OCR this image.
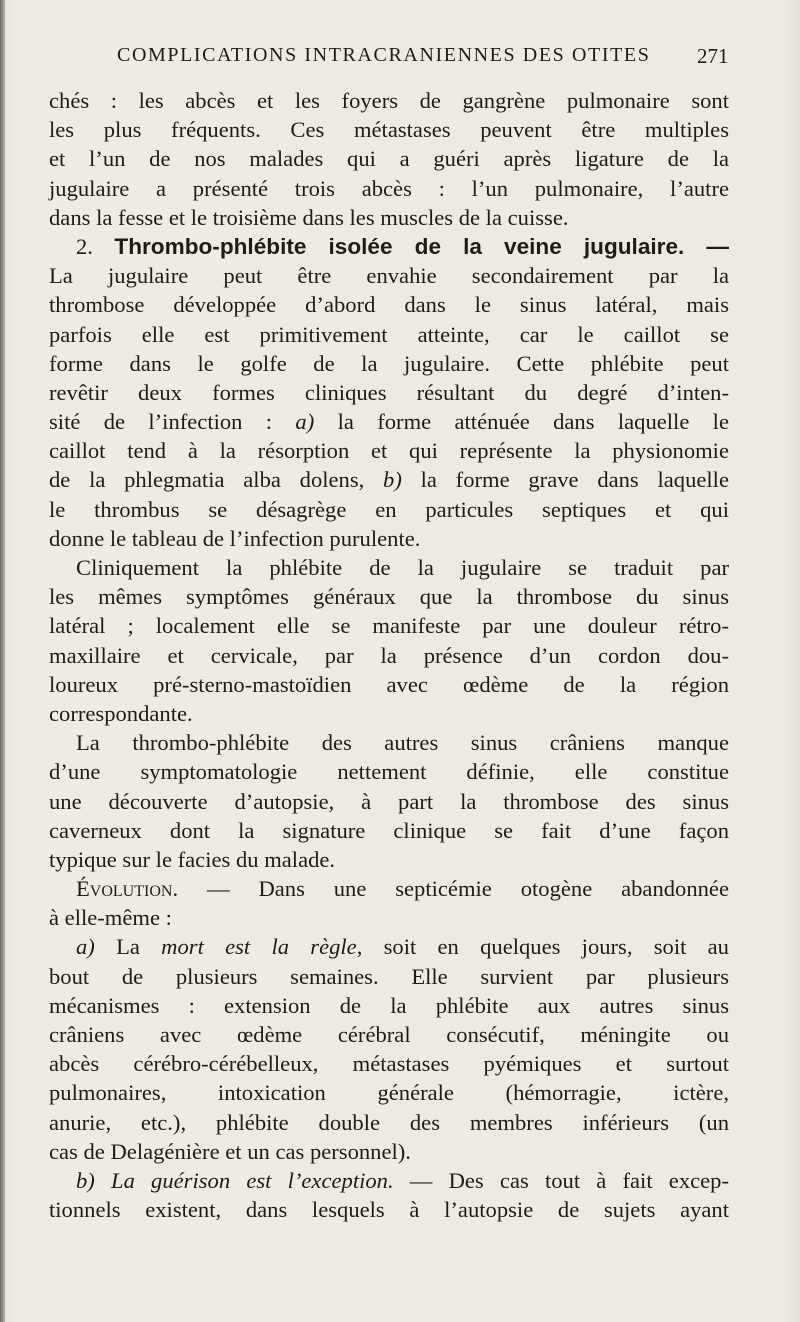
COMPLICATIONS INTRACRANIENNES DES OTITES 271
chés : les abcès et les foyers de gangrène pulmonaire sont
les plus fréquents. Ces métastases peuvent être multiples
et l’un de nos malades qui a guéri après ligature de la
jugulaire a présenté trois abcès : l’un pulmonaire, l’autre
dans la fesse et le troisième dans les muscles de la cuisse.
2. Thrombo-phlébite isolée de la veine jugulaire. —
La jugulaire peut être envahie secondairement par la
thrombose développée d’abord dans le sinus latéral, mais
parfois elle est primitivement atteinte, car le caillot se
forme dans le golfe de la jugulaire. Cette phlébite peut
revêtir deux formes cliniques résultant du degré d’inten-
sité de l’infection : a) la forme atténuée dans laquelle le
caillot tend à la résorption et qui représente la physionomie
de la phlegmatia alba dolens, b) la forme grave dans laquelle
le thrombus se désagrège en particules septiques et qui
donne le tableau de l’infection purulente.
Cliniquement la phlébite de la jugulaire se traduit par
les mêmes symptômes généraux que la thrombose du sinus
latéral ; localement elle se manifeste par une douleur rétro-
maxillaire et cervicale, par la présence d’un cordon dou-
loureux pré-sterno-mastoïdien avec œdème de la région
correspondante.
La thrombo-phlébite des autres sinus crâniens manque
d’une symptomatologie nettement définie, elle constitue
une découverte d’autopsie, à part la thrombose des sinus
caverneux dont la signature clinique se fait d’une façon
typique sur le facies du malade.
Évolution. — Dans une septicémie otogène abandonnée
à elle-même :
a) La mort est la règle, soit en quelques jours, soit au
bout de plusieurs semaines. Elle survient par plusieurs
mécanismes : extension de la phlébite aux autres sinus
crâniens avec œdème cérébral consécutif, méningite ou
abcès cérébro-cérébelleux, métastases pyémiques et surtout
pulmonaires, intoxication générale (hémorragie, ictère,
anurie, etc.), phlébite double des membres inférieurs (un
cas de Delagénière et un cas personnel).
b) La guérison est l’exception. — Des cas tout à fait excep-
tionnels existent, dans lesquels à l’autopsie de sujets ayant
